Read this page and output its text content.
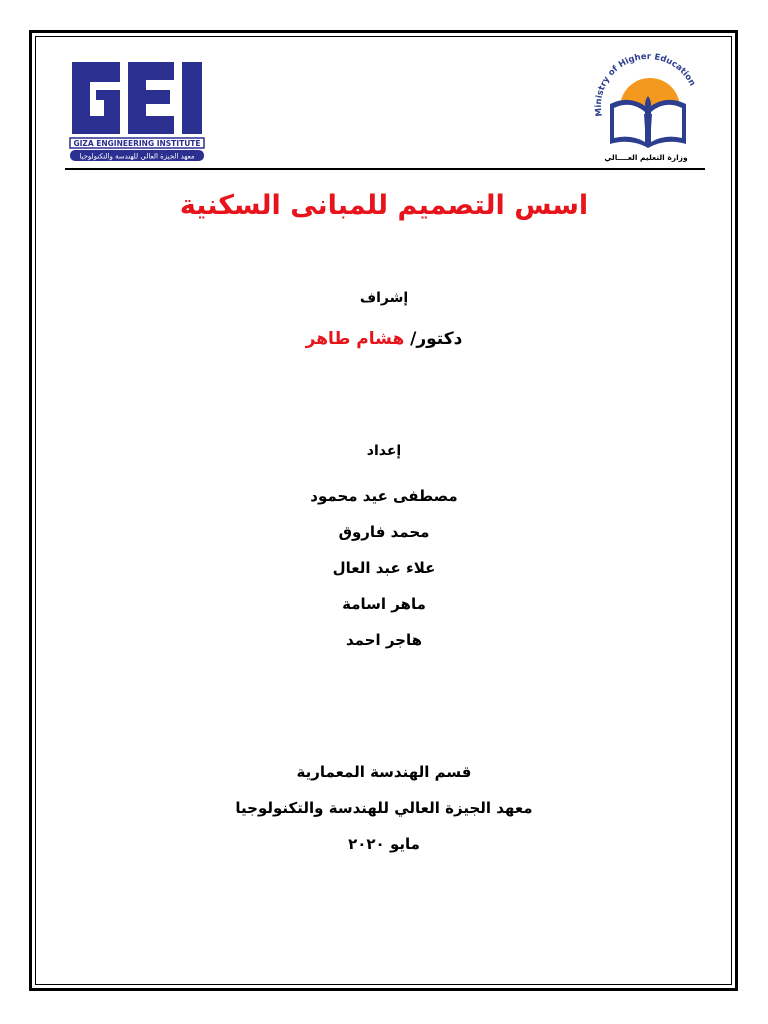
GIZA ENGINEERING INSTITUTE
معهد الجيزة العالي للهندسة والتكنولوجيا
Ministry of Higher Education
وزارة التعليم العــــالي
اسس التصميم للمبانى السكنية
إشراف
دكتور/ هشام طاهر
إعداد
مصطفى عيد محمود
محمد فاروق
علاء عبد العال
ماهر اسامة
هاجر احمد
قسم الهندسة المعمارية
معهد الجيزة العالي للهندسة والتكنولوجيا
مايو ٢٠٢٠
